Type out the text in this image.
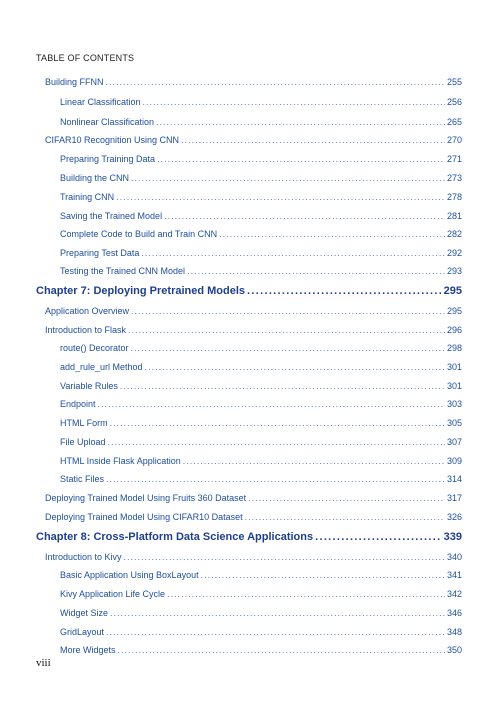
TABLE OF CONTENTS
Building FFNN .....	255
Linear Classification .....	256
Nonlinear Classification .....	265
CIFAR10 Recognition Using CNN .....	270
Preparing Training Data .....	271
Building the CNN .....	273
Training CNN .....	278
Saving the Trained Model .....	281
Complete Code to Build and Train CNN .....	282
Preparing Test Data .....	292
Testing the Trained CNN Model .....	293
Chapter 7: Deploying Pretrained Models .....	295
Application Overview .....	295
Introduction to Flask .....	296
route() Decorator .....	298
add_rule_url Method .....	301
Variable Rules .....	301
Endpoint .....	303
HTML Form .....	305
File Upload .....	307
HTML Inside Flask Application .....	309
Static Files .....	314
Deploying Trained Model Using Fruits 360 Dataset .....	317
Deploying Trained Model Using CIFAR10 Dataset .....	326
Chapter 8: Cross-Platform Data Science Applications .....	339
Introduction to Kivy .....	340
Basic Application Using BoxLayout .....	341
Kivy Application Life Cycle .....	342
Widget Size .....	346
GridLayout .....	348
More Widgets .....	350
viii
